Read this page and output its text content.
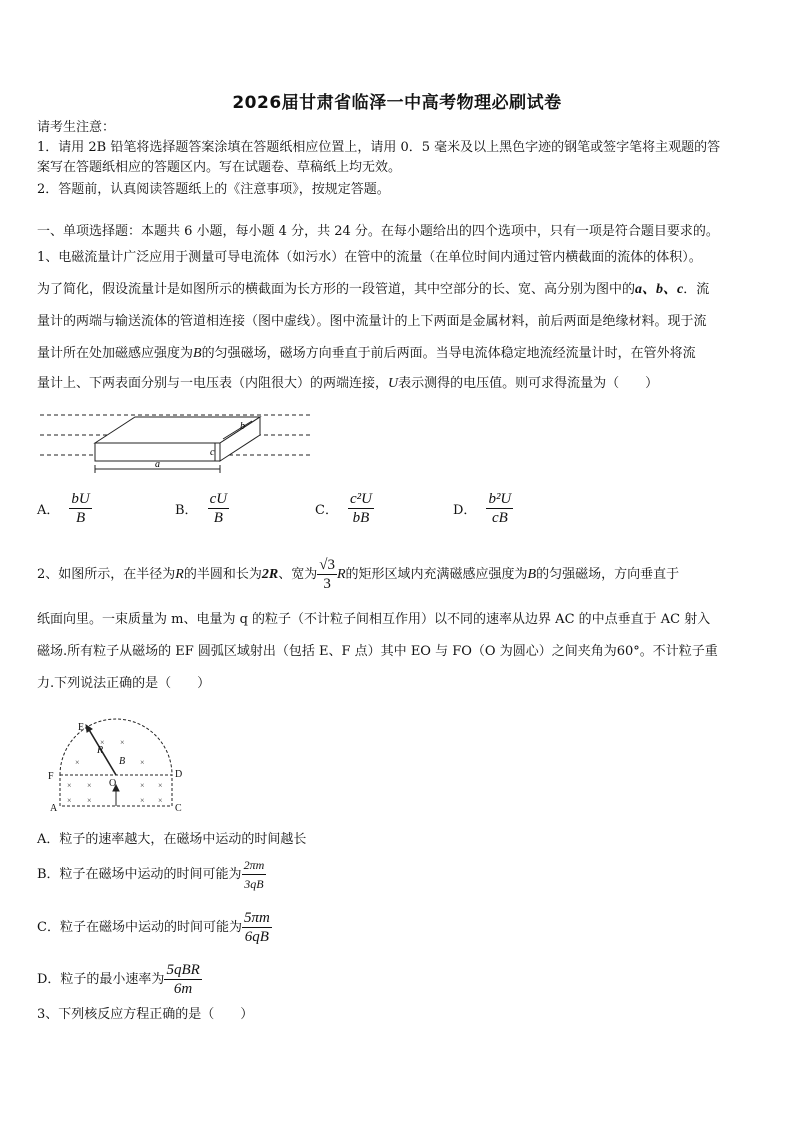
2026届甘肃省临泽一中高考物理必刷试卷
请考生注意：
1．请用 2B 铅笔将选择题答案涂填在答题纸相应位置上，请用 0．5 毫米及以上黑色字迹的钢笔或签字笔将主观题的答
案写在答题纸相应的答题区内。写在试题卷、草稿纸上均无效。
2．答题前，认真阅读答题纸上的《注意事项》，按规定答题。
一、单项选择题：本题共 6 小题，每小题 4 分，共 24 分。在每小题给出的四个选项中，只有一项是符合题目要求的。
1、电磁流量计广泛应用于测量可导电流体（如污水）在管中的流量（在单位时间内通过管内横截面的流体的体积）。
为了简化，假设流量计是如图所示的横截面为长方形的一段管道，其中空部分的长、宽、高分别为图中的a、b、c．流
量计的两端与输送流体的管道相连接（图中虚线）。图中流量计的上下两面是金属材料，前后两面是绝缘材料。现于流
量计所在处加磁感应强度为B的匀强磁场，磁场方向垂直于前后两面。当导电流体稳定地流经流量计时，在管外将流
量计上、下两表面分别与一电压表（内阻很大）的两端连接，U表示测得的电压值。则可求得流量为（　　）
a
c
b
A． $\frac{bU}{B}$	B． $\frac{cU}{B}$	C． $\frac{\text{c²U}}{bB}$	D． $\frac{\text{b²U}}{cB}$
2、如图所示，在半径为R的半圆和长为2R、宽为 $\frac{√3}{3}$ R的矩形区域内充满磁感应强度为B的匀强磁场，方向垂直于
纸面向里。一束质量为 m、电量为 q 的粒子（不计粒子间相互作用）以不同的速率从边界 AC 的中点垂直于 AC 射入
磁场.所有粒子从磁场的 EF 圆弧区域射出（包括 E、F 点）其中 EO 与 FO（O 为圆心）之间夹角为60°。不计粒子重
力.下列说法正确的是（　　）
× ×
×	×
× ×	× ×
× ×	× ×
E
F	D
A	C
O
R
B
A．粒子的速率越大，在磁场中运动的时间越长
B．粒子在磁场中运动的时间可能为 $\frac{2\pi m}{3qB}$
C．粒子在磁场中运动的时间可能为 $\frac{5\pi m}{6qB}$
D．粒子的最小速率为 $\frac{\text{5qBR}}{6m}$
3、下列核反应方程正确的是（　　）
